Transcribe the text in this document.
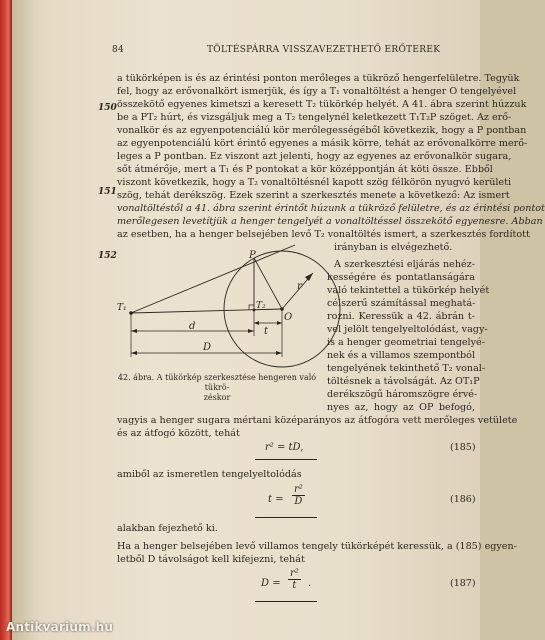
84	TÖLTÉSPÁRRA VISSZAVEZETHETŐ ERŐTEREK
150
151
152
a tükörképen is és az érintési ponton merőleges a tükröző hengerfelületre. Tegyük
fel, hogy az erővonalkört ismerjük, és így a T₁ vonaltöltést a henger O tengelyével
összekötő egyenes kimetszi a keresett T₂ tükörkép helyét. A 41. ábra szerint húzzuk
be a PT₂ húrt, és vizsgáljuk meg a T₂ tengelynél keletkezett T₁T₂P szöget. Az erő-
vonalkör és az egyenpotenciálú kör merőlegességéből következik, hogy a P pontban
az egyenpotenciálú kört érintő egyenes a másik körre, tehát az erővonalkörre merő-
leges a P pontban. Ez viszont azt jelenti, hogy az egyenes az erővonalkör sugara,
sőt átmérője, mert a T₁ és P pontokat a kör középpontján át köti össze. Ebből
viszont következik, hogy a T₂ vonaltöltésnél kapott szög félkörön nyugvó kerületi
szög, tehát derékszög. Ezek szerint a szerkesztés menete a következő: Az ismert
vonaltöltéstől a 41. ábra szerint érintőt húzunk a tükröző felületre, és az érintési pontot
merőlegesen levetítjük a henger tengelyét a vonaltöltéssel összekötő egyenesre. Abban
az esetben, ha a henger belsejében levő T₂ vonaltöltés ismert, a szerkesztés fordított
irányban is elvégezhető.
A szerkesztési eljárás nehéz-
kességére és pontatlanságára
való tekintettel a tükörkép helyét
célszerű számítással meghatá-
rozni. Keressük a 42. ábrán t-
vel jelölt tengelyeltolódást, vagy-
is a henger geometriai tengelyé-
nek és a villamos szempontból
tengelyének tekinthető T₂ vonal-
töltésnek a távolságát. Az OT₁P
derékszögű háromszögre érvé-
nyes az, hogy az OP befogó,
P
T₁	T₂
O
r
t
d
D
42. ábra. A tükörkép szerkesztése hengeren való tükrö-
zéskor
vagyis a henger sugara mértani középarányos az átfogóra vett merőleges vetülete
és az átfogó között, tehát
r² = tD,	(185)
amiből az ismeretlen tengelyeltolódás
$t = \frac{\text{r²}}{D}$	(186)
alakban fejezhető ki.
Ha a henger belsejében levő villamos tengely tükörképét keressük, a (185) egyen-
letből D távolságot kell kifejezni, tehát
$D = \frac{\text{r²}}{t}$ .	(187)
Antikvarium.hu
